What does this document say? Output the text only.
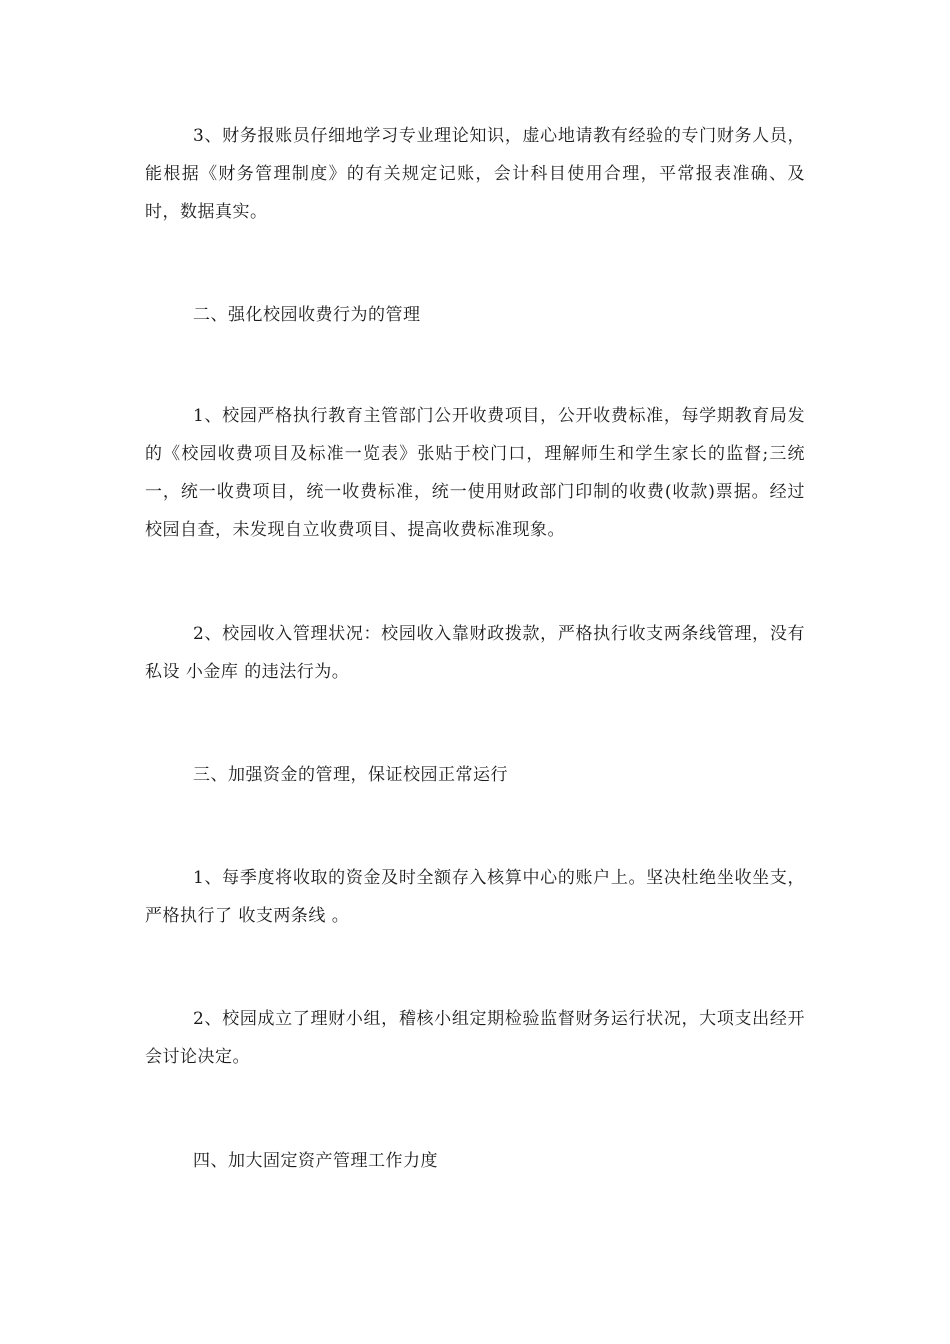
3、财务报账员仔细地学习专业理论知识，虚心地请教有经验的专门财务人员，能根据《财务管理制度》的有关规定记账，会计科目使用合理，平常报表准确、及时，数据真实。

二、强化校园收费行为的管理

1、校园严格执行教育主管部门公开收费项目，公开收费标准，每学期教育局发的《校园收费项目及标准一览表》张贴于校门口，理解师生和学生家长的监督;三统一，统一收费项目，统一收费标准，统一使用财政部门印制的收费(收款)票据。经过校园自查，未发现自立收费项目、提高收费标准现象。

2、校园收入管理状况：校园收入靠财政拨款，严格执行收支两条线管理，没有私设 小金库 的违法行为。

三、加强资金的管理，保证校园正常运行

1、每季度将收取的资金及时全额存入核算中心的账户上。坚决杜绝坐收坐支，严格执行了 收支两条线 。

2、校园成立了理财小组，稽核小组定期检验监督财务运行状况，大项支出经开会讨论决定。

四、加大固定资产管理工作力度
